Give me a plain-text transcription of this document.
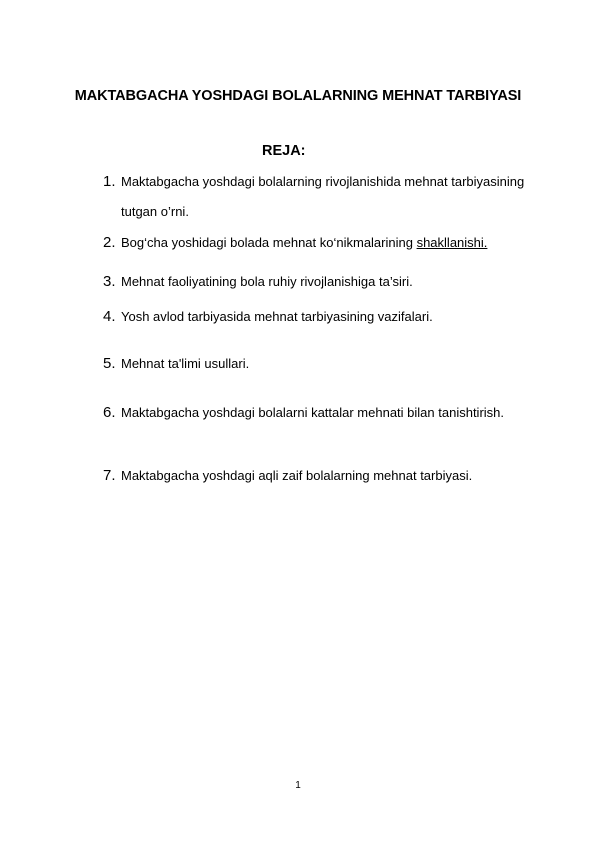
MAKTABGACHA YOSHDAGI BOLALARNING MEHNAT TARBIYASI
REJA:
1. Maktabgacha yoshdagi bolalarning rivojlanishida mehnat tarbiyasining tutgan o’rni.
2. Bog‘cha yoshidagi bolada mehnat ko‘nikmalarining shakllanishi.
3. Mehnat faoliyatining bola ruhiy rivojlanishiga ta’siri.
4. Yosh avlod tarbiyasida mehnat tarbiyasining vazifalari.
5. Mehnat ta'limi usullari.
6. Maktabgacha yoshdagi bolalarni kattalar mehnati bilan tanishtirish.
7. Maktabgacha yoshdagi aqli zaif bolalarning mehnat tarbiyasi.
1
